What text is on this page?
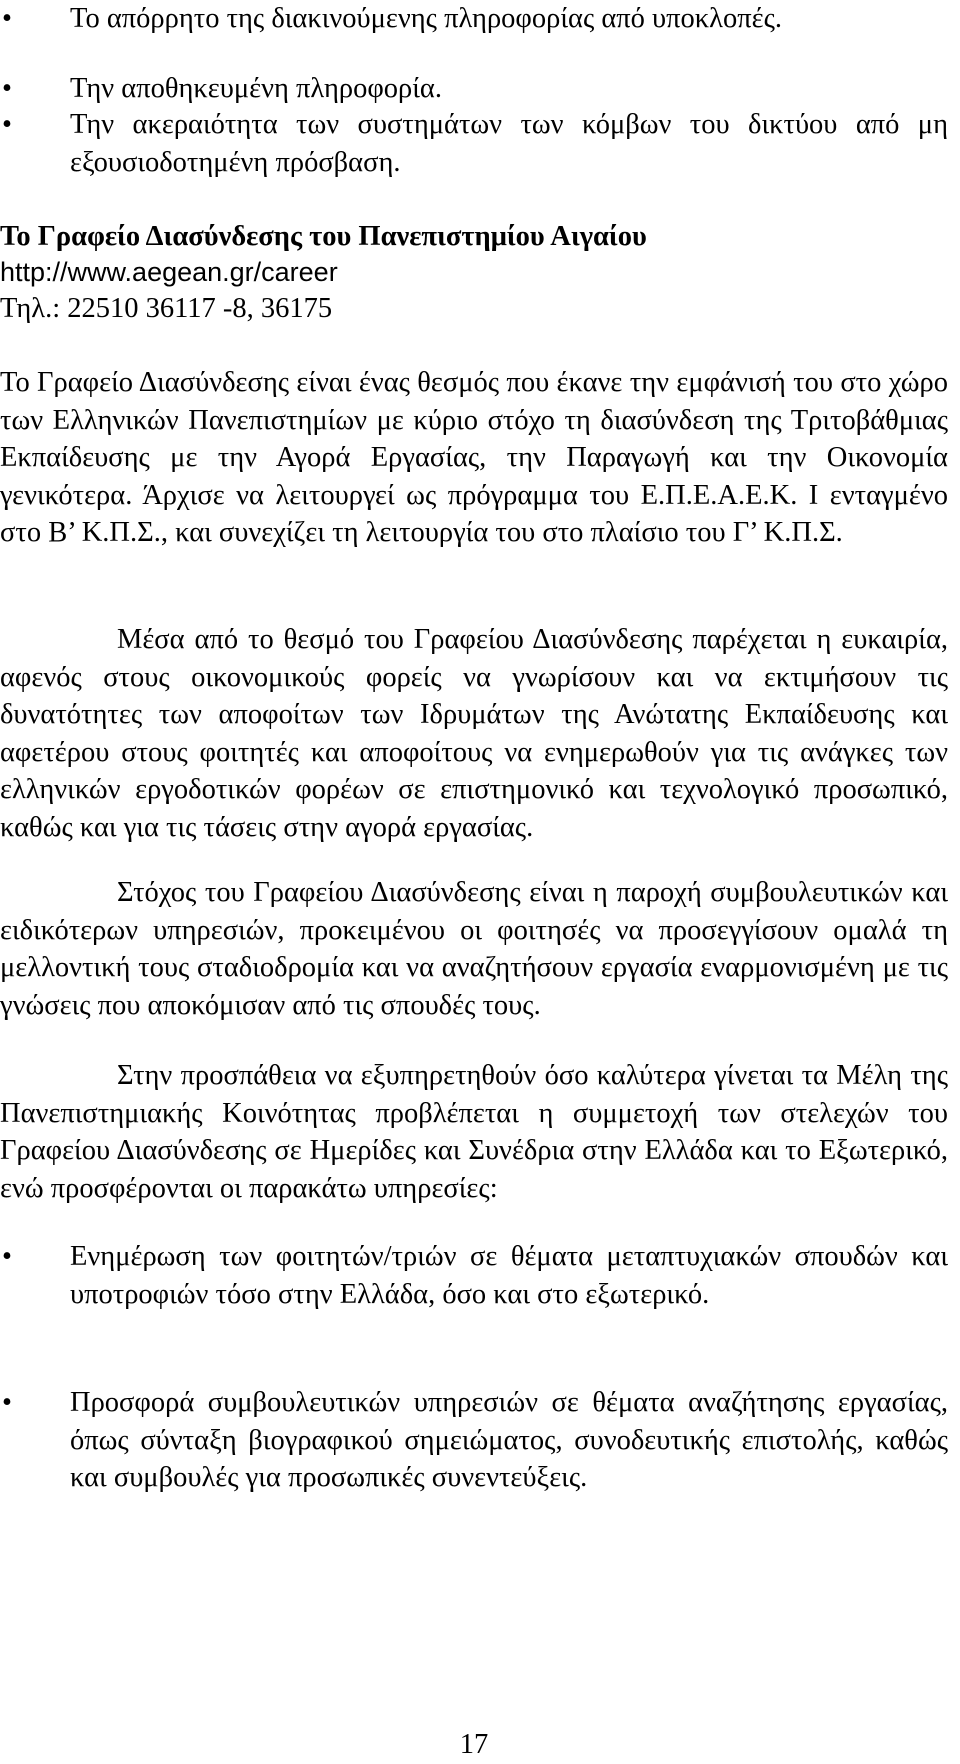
•	Το απόρρητο της διακινούμενης πληροφορίας από υποκλοπές.

•	Την αποθηκευμένη πληροφορία.

•	Την ακεραιότητα των συστημάτων των κόμβων του δικτύου από μη εξουσιοδοτημένη πρόσβαση.

Το Γραφείο Διασύνδεσης του Πανεπιστημίου Αιγαίου

http://www.aegean.gr/career

Τηλ.: 22510 36117 -8, 36175

Το Γραφείο Διασύνδεσης είναι ένας θεσμός που έκανε την εμφάνισή του στο χώρο των Ελληνικών Πανεπιστημίων με κύριο στόχο τη διασύνδεση της Τριτοβάθμιας Εκπαίδευσης με την Αγορά Εργασίας, την Παραγωγή και την Οικονομία γενικότερα. Άρχισε να λειτουργεί ως πρόγραμμα του Ε.Π.Ε.Α.Ε.Κ. Ι ενταγμένο στο Β’ Κ.Π.Σ., και συνεχίζει τη λειτουργία του στο πλαίσιο του Γ’ Κ.Π.Σ.

Μέσα από το θεσμό του Γραφείου Διασύνδεσης παρέχεται η ευκαιρία, αφενός στους οικονομικούς φορείς να γνωρίσουν και να εκτιμήσουν τις δυνατότητες των αποφοίτων των Ιδρυμάτων της Ανώτατης Εκπαίδευσης και αφετέρου στους φοιτητές και αποφοίτους να ενημερωθούν για τις ανάγκες των ελληνικών εργοδοτικών φορέων σε επιστημονικό και τεχνολογικό προσωπικό, καθώς και για τις τάσεις στην αγορά εργασίας.

Στόχος του Γραφείου Διασύνδεσης είναι η παροχή συμβουλευτικών και ειδικότερων υπηρεσιών, προκειμένου οι φοιτησές να προσεγγίσουν ομαλά τη μελλοντική τους σταδιοδρομία και να αναζητήσουν εργασία εναρμονισμένη με τις γνώσεις που αποκόμισαν από τις σπουδές τους.

Στην προσπάθεια να εξυπηρετηθούν όσο καλύτερα γίνεται τα Μέλη της Πανεπιστημιακής Κοινότητας προβλέπεται η συμμετοχή των στελεχών του Γραφείου Διασύνδεσης σε Ημερίδες και Συνέδρια στην Ελλάδα και το Εξωτερικό, ενώ προσφέρονται οι παρακάτω υπηρεσίες:

•	Ενημέρωση των φοιτητών/τριών σε θέματα μεταπτυχιακών σπουδών και υποτροφιών τόσο στην Ελλάδα, όσο και στο εξωτερικό.

•	Προσφορά συμβουλευτικών υπηρεσιών σε θέματα αναζήτησης εργασίας, όπως σύνταξη βιογραφικού σημειώματος, συνοδευτικής επιστολής, καθώς και συμβουλές για προσωπικές συνεντεύξεις.

17
